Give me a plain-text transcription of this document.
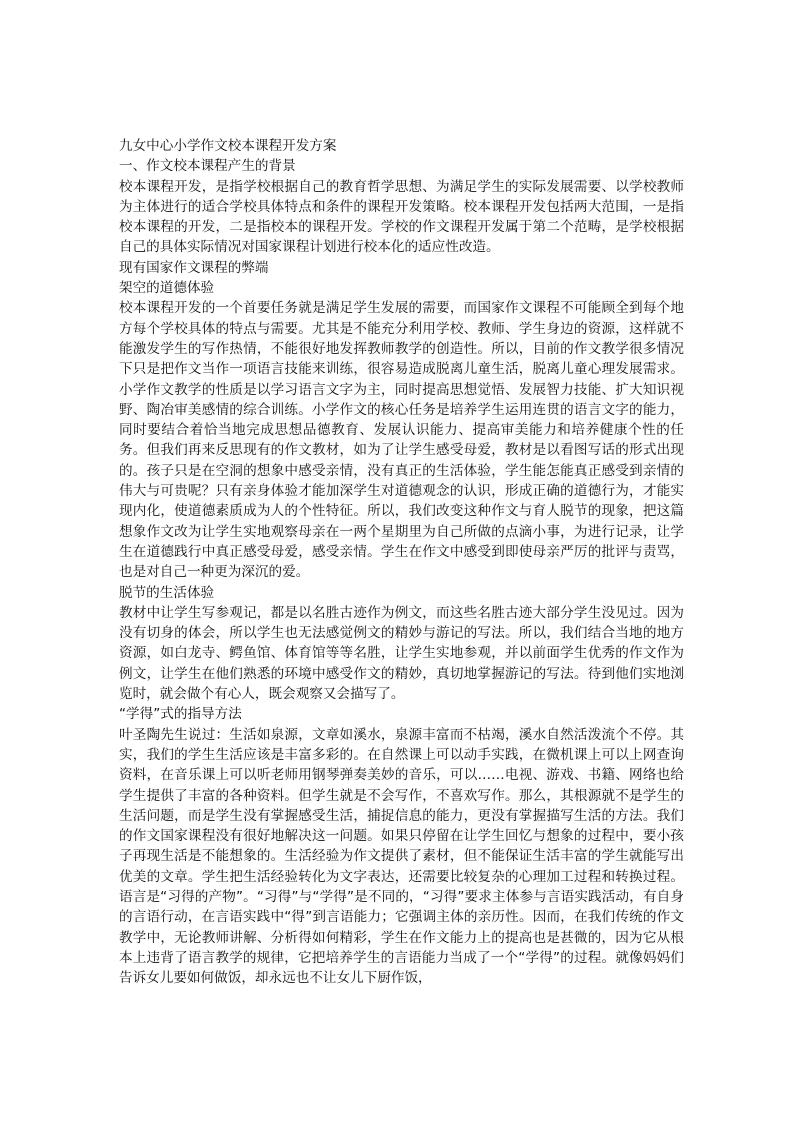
九女中心小学作文校本课程开发方案

一、作文校本课程产生的背景

校本课程开发，是指学校根据自己的教育哲学思想、为满足学生的实际发展需要、以学校教师为主体进行的适合学校具体特点和条件的课程开发策略。校本课程开发包括两大范围，一是指校本课程的开发，二是指校本的课程开发。学校的作文课程开发属于第二个范畴，是学校根据自己的具体实际情况对国家课程计划进行校本化的适应性改造。

现有国家作文课程的弊端

架空的道德体验

校本课程开发的一个首要任务就是满足学生发展的需要，而国家作文课程不可能顾全到每个地方每个学校具体的特点与需要。尤其是不能充分利用学校、教师、学生身边的资源，这样就不能激发学生的写作热情，不能很好地发挥教师教学的创造性。所以，目前的作文教学很多情况下只是把作文当作一项语言技能来训练，很容易造成脱离儿童生活，脱离儿童心理发展需求。小学作文教学的性质是以学习语言文字为主，同时提高思想觉悟、发展智力技能、扩大知识视野、陶冶审美感情的综合训练。小学作文的核心任务是培养学生运用连贯的语言文字的能力，同时要结合着恰当地完成思想品德教育、发展认识能力、提高审美能力和培养健康个性的任务。但我们再来反思现有的作文教材，如为了让学生感受母爱，教材是以看图写话的形式出现的。孩子只是在空洞的想象中感受亲情，没有真正的生活体验，学生能怎能真正感受到亲情的伟大与可贵呢？只有亲身体验才能加深学生对道德观念的认识，形成正确的道德行为，才能实现内化，使道德素质成为人的个性特征。所以，我们改变这种作文与育人脱节的现象，把这篇想象作文改为让学生实地观察母亲在一两个星期里为自己所做的点滴小事，为进行记录，让学生在道德践行中真正感受母爱，感受亲情。学生在作文中感受到即使母亲严厉的批评与责骂，也是对自己一种更为深沉的爱。

脱节的生活体验

教材中让学生写参观记，都是以名胜古迹作为例文，而这些名胜古迹大部分学生没见过。因为没有切身的体会，所以学生也无法感觉例文的精妙与游记的写法。所以，我们结合当地的地方资源，如白龙寺、鳄鱼馆、体育馆等等名胜，让学生实地参观，并以前面学生优秀的作文作为例文，让学生在他们熟悉的环境中感受作文的精妙，真切地掌握游记的写法。待到他们实地浏览时，就会做个有心人，既会观察又会描写了。

“学得”式的指导方法

叶圣陶先生说过：生活如泉源，文章如溪水，泉源丰富而不枯竭，溪水自然活泼流个不停。其实，我们的学生生活应该是丰富多彩的。在自然课上可以动手实践，在微机课上可以上网查询资料，在音乐课上可以听老师用钢琴弹奏美妙的音乐，可以……电视、游戏、书籍、网络也给学生提供了丰富的各种资料。但学生就是不会写作，不喜欢写作。那么，其根源就不是学生的生活问题，而是学生没有掌握感受生活，捕捉信息的能力，更没有掌握描写生活的方法。我们的作文国家课程没有很好地解决这一问题。如果只停留在让学生回忆与想象的过程中，要小孩子再现生活是不能想象的。生活经验为作文提供了素材，但不能保证生活丰富的学生就能写出优美的文章。学生把生活经验转化为文字表达，还需要比较复杂的心理加工过程和转换过程。语言是“习得的产物”。“习得”与“学得”是不同的，“习得”要求主体参与言语实践活动，有自身的言语行动，在言语实践中“得”到言语能力；它强调主体的亲历性。因而，在我们传统的作文教学中，无论教师讲解、分析得如何精彩，学生在作文能力上的提高也是甚微的，因为它从根本上违背了语言教学的规律，它把培养学生的言语能力当成了一个“学得”的过程。就像妈妈们告诉女儿要如何做饭，却永远也不让女儿下厨作饭，
